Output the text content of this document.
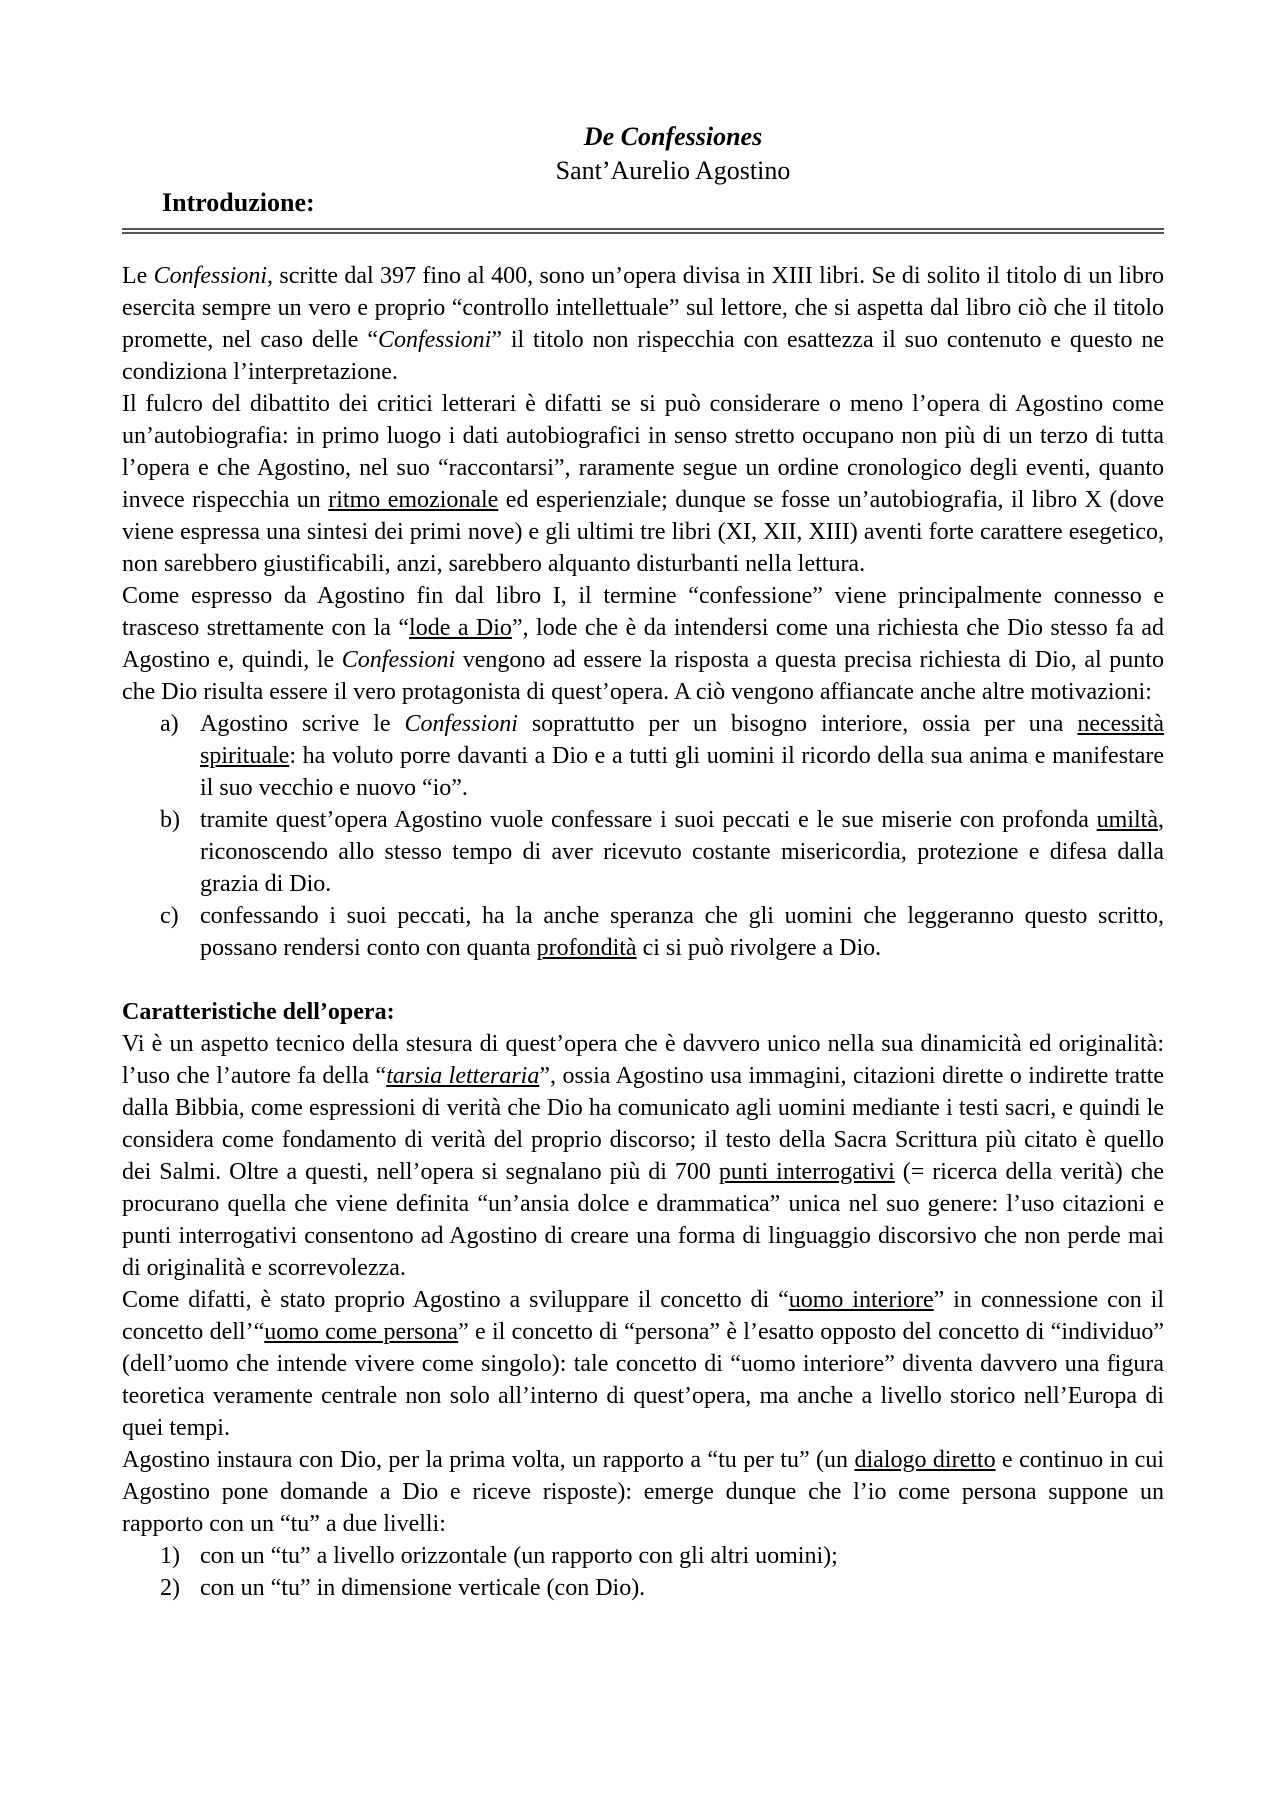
De Confessiones
Sant’Aurelio Agostino
Introduzione:

Le Confessioni, scritte dal 397 fino al 400, sono un’opera divisa in XIII libri. Se di solito il titolo di un libro esercita sempre un vero e proprio “controllo intellettuale” sul lettore, che si aspetta dal libro ciò che il titolo promette, nel caso delle “Confessioni” il titolo non rispecchia con esattezza il suo contenuto e questo ne condiziona l’interpretazione.

Il fulcro del dibattito dei critici letterari è difatti se si può considerare o meno l’opera di Agostino come un’autobiografia: in primo luogo i dati autobiografici in senso stretto occupano non più di un terzo di tutta l’opera e che Agostino, nel suo “raccontarsi”, raramente segue un ordine cronologico degli eventi, quanto invece rispecchia un ritmo emozionale ed esperienziale; dunque se fosse un’autobiografia, il libro X (dove viene espressa una sintesi dei primi nove) e gli ultimi tre libri (XI, XII, XIII) aventi forte carattere esegetico, non sarebbero giustificabili, anzi, sarebbero alquanto disturbanti nella lettura.

Come espresso da Agostino fin dal libro I, il termine “confessione” viene principalmente connesso e trasceso strettamente con la “lode a Dio”, lode che è da intendersi come una richiesta che Dio stesso fa ad Agostino e, quindi, le Confessioni vengono ad essere la risposta a questa precisa richiesta di Dio, al punto che Dio risulta essere il vero protagonista di quest’opera. A ciò vengono affiancate anche altre motivazioni:

a) Agostino scrive le Confessioni soprattutto per un bisogno interiore, ossia per una necessità spirituale: ha voluto porre davanti a Dio e a tutti gli uomini il ricordo della sua anima e manifestare il suo vecchio e nuovo “io”.
b) tramite quest’opera Agostino vuole confessare i suoi peccati e le sue miserie con profonda umiltà, riconoscendo allo stesso tempo di aver ricevuto costante misericordia, protezione e difesa dalla grazia di Dio.
c) confessando i suoi peccati, ha la anche speranza che gli uomini che leggeranno questo scritto, possano rendersi conto con quanta profondità ci si può rivolgere a Dio.

Caratteristiche dell’opera:

Vi è un aspetto tecnico della stesura di quest’opera che è davvero unico nella sua dinamicità ed originalità: l’uso che l’autore fa della “tarsia letteraria”, ossia Agostino usa immagini, citazioni dirette o indirette tratte dalla Bibbia, come espressioni di verità che Dio ha comunicato agli uomini mediante i testi sacri, e quindi le considera come fondamento di verità del proprio discorso; il testo della Sacra Scrittura più citato è quello dei Salmi. Oltre a questi, nell’opera si segnalano più di 700 punti interrogativi (= ricerca della verità) che procurano quella che viene definita “un’ansia dolce e drammatica” unica nel suo genere: l’uso citazioni e punti interrogativi consentono ad Agostino di creare una forma di linguaggio discorsivo che non perde mai di originalità e scorrevolezza.

Come difatti, è stato proprio Agostino a sviluppare il concetto di “uomo interiore” in connessione con il concetto dell’“uomo come persona” e il concetto di “persona” è l’esatto opposto del concetto di “individuo” (dell’uomo che intende vivere come singolo): tale concetto di “uomo interiore” diventa davvero una figura teoretica veramente centrale non solo all’interno di quest’opera, ma anche a livello storico nell’Europa di quei tempi.

Agostino instaura con Dio, per la prima volta, un rapporto a “tu per tu” (un dialogo diretto e continuo in cui Agostino pone domande a Dio e riceve risposte): emerge dunque che l’io come persona suppone un rapporto con un “tu” a due livelli:

1) con un “tu” a livello orizzontale (un rapporto con gli altri uomini);
2) con un “tu” in dimensione verticale (con Dio).
